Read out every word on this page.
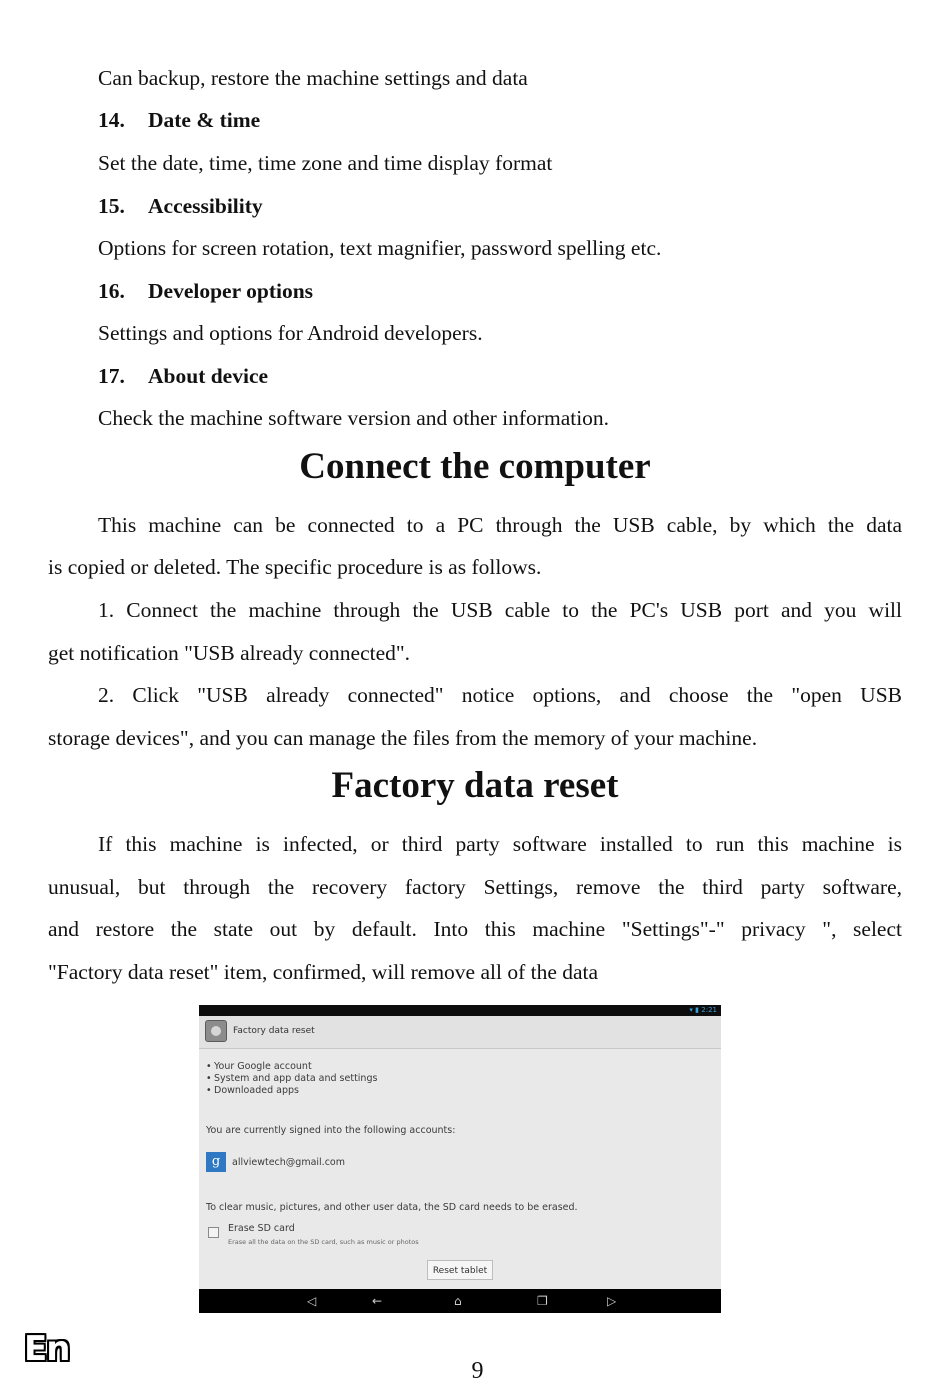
Can backup, restore the machine settings and data
14. Date & time
Set the date, time, time zone and time display format
15. Accessibility
Options for screen rotation, text magnifier, password spelling etc.
16. Developer options
Settings and options for Android developers.
17. About device
Check the machine software version and other information.
Connect the computer
This machine can be connected to a PC through the USB cable, by which the data
is copied or deleted. The specific procedure is as follows.
1. Connect the machine through the USB cable to the PC's USB port and you will
get notification "USB already connected".
2. Click "USB already connected" notice options, and choose the "open USB
storage devices", and you can manage the files from the memory of your machine.
Factory data reset
If this machine is infected, or third party software installed to run this machine is
unusual, but through the recovery factory Settings, remove the third party software,
and restore the state out by default. Into this machine "Settings"-" privacy ", select
"Factory data reset" item, confirmed, will remove all of the data
▾ ▮ 2:21
Factory data reset
• Your Google account
• System and app data and settings
• Downloaded apps
You are currently signed into the following accounts:
g	allviewtech@gmail.com
To clear music, pictures, and other user data, the SD card needs to be erased.
Erase SD card
Erase all the data on the SD card, such as music or photos
Reset tablet
◁	←	⌂	❐	▷
En
9
